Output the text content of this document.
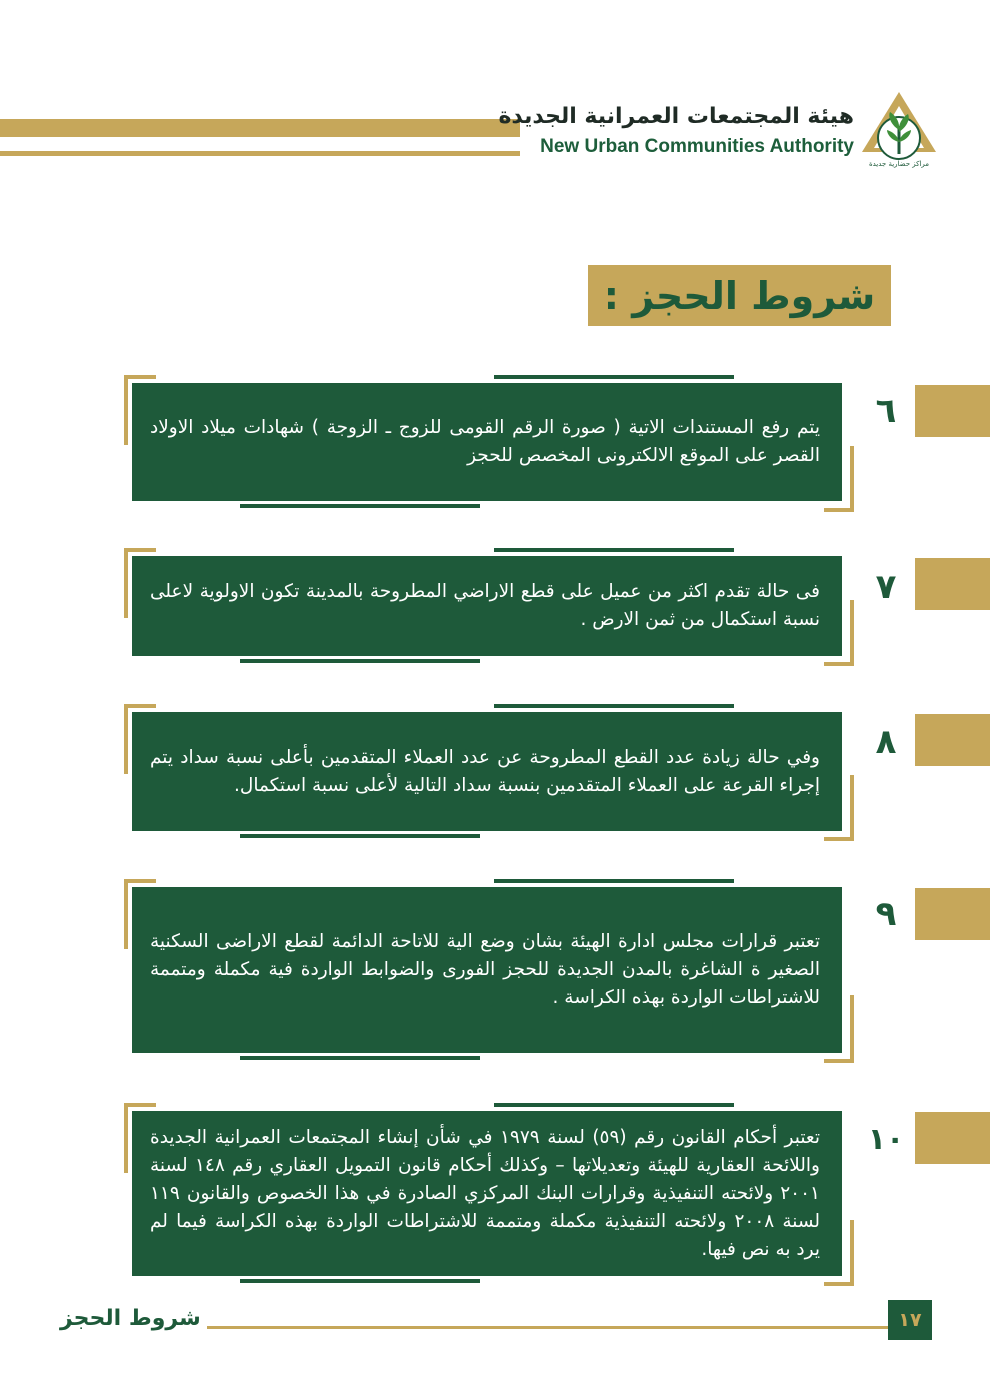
هيئة المجتمعات العمرانية الجديدة
New Urban Communities Authority
مراكز حضارية جديدة
شروط الحجز :
يتم رفع المستندات الاتية ( صورة الرقم القومى للزوج ـ الزوجة ) شهادات ميلاد الاولاد القصر على الموقع الالكترونى المخصص للحجز
٦
فى حالة تقدم اكثر من عميل على قطع الاراضي المطروحة بالمدينة تكون الاولوية لاعلى نسبة استكمال من ثمن الارض .
٧
وفي حالة زيادة عدد القطع المطروحة عن عدد العملاء المتقدمين بأعلى نسبة سداد يتم إجراء القرعة على العملاء المتقدمين بنسبة سداد التالية لأعلى نسبة استكمال.
٨
تعتبر قرارات مجلس ادارة الهيئة بشان وضع الية للاتاحة الدائمة لقطع الاراضى السكنية الصغير ة الشاغرة بالمدن الجديدة للحجز الفورى والضوابط الواردة فية مكملة ومتممة للاشتراطات الواردة بهذه الكراسة .
٩
تعتبر أحكام القانون رقم (٥٩) لسنة ١٩٧٩ في شأن إنشاء المجتمعات العمرانية الجديدة واللائحة العقارية للهيئة وتعديلاتها – وكذلك أحكام قانون التمويل العقاري رقم ١٤٨ لسنة ٢٠٠١ ولائحته التنفيذية وقرارات البنك المركزي الصادرة في هذا الخصوص والقانون ١١٩ لسنة ٢٠٠٨ ولائحته التنفيذية مكملة ومتممة للاشتراطات الواردة بهذه الكراسة فيما لم يرد به نص فيها.
١٠
شروط الحجز	١٧
